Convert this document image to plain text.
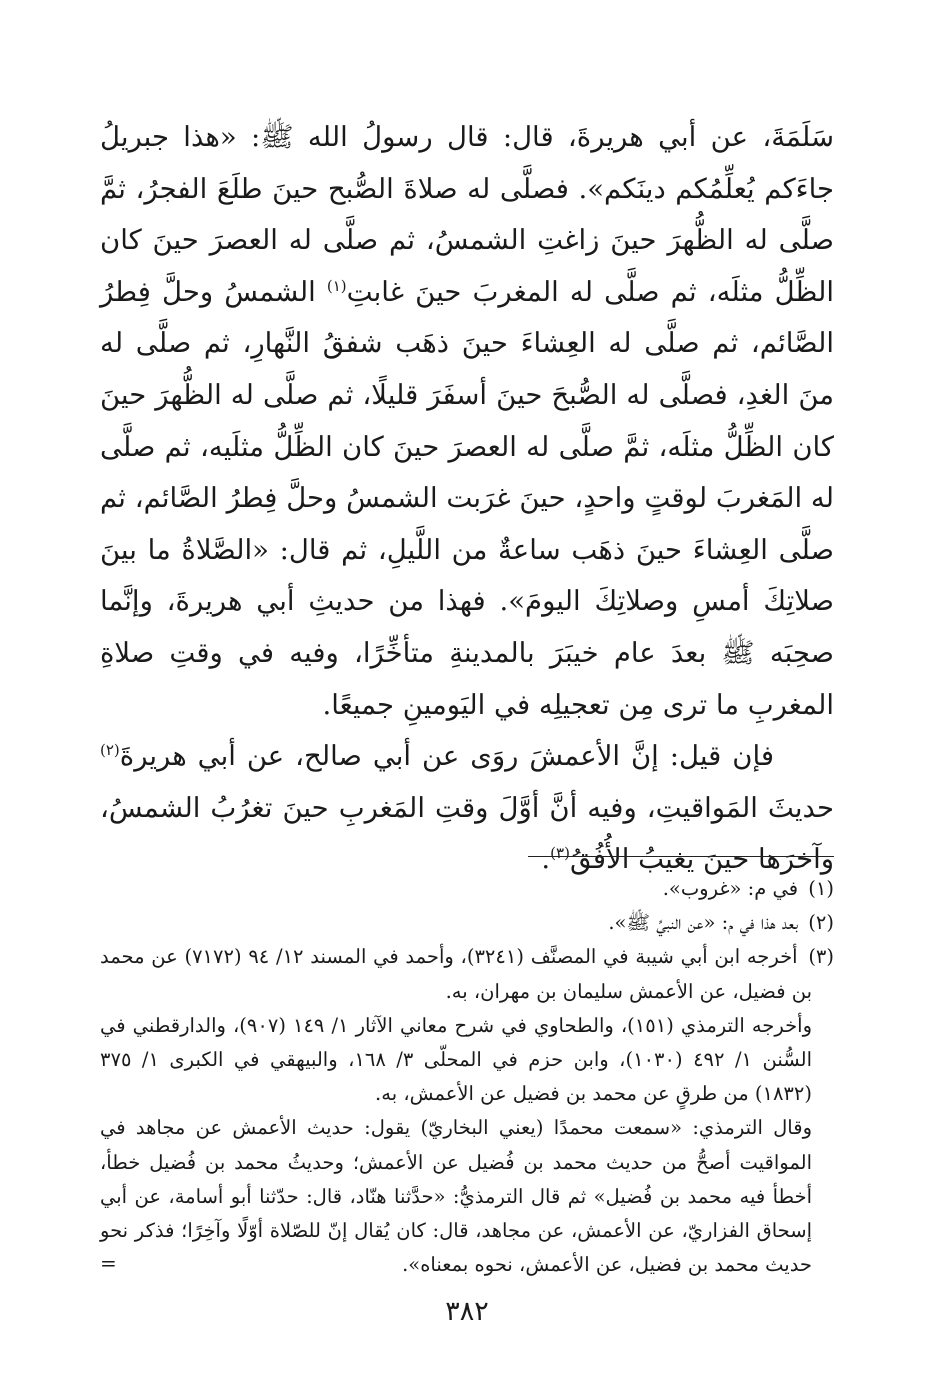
سَلَمَةَ، عن أبي هريرةَ، قال: قال رسولُ الله ﷺ: «هذا جبريلُ جاءَكم يُعلِّمُكم دينَكم». فصلَّى له صلاةَ الصُّبح حينَ طلَعَ الفجرُ، ثمَّ صلَّى له الظُّهرَ حينَ زاغتِ الشمسُ، ثم صلَّى له العصرَ حينَ كان الظِّلُّ مثلَه، ثم صلَّى له المغربَ حينَ غابتِ$^{(١)}$ الشمسُ وحلَّ فِطرُ الصَّائم، ثم صلَّى له العِشاءَ حينَ ذهَب شفقُ النَّهارِ، ثم صلَّى له منَ الغدِ، فصلَّى له الصُّبحَ حينَ أسفَرَ قليلًا، ثم صلَّى له الظُّهرَ حينَ كان الظِّلُّ مثلَه، ثمَّ صلَّى له العصرَ حينَ كان الظِّلُّ مثلَيه، ثم صلَّى له المَغربَ لوقتٍ واحدٍ، حينَ غرَبت الشمسُ وحلَّ فِطرُ الصَّائم، ثم صلَّى العِشاءَ حينَ ذهَب ساعةٌ من اللَّيلِ، ثم قال: «الصَّلاةُ ما بينَ صلاتِكَ أمسِ وصلاتِكَ اليومَ». فهذا من حديثِ أبي هريرةَ، وإنَّما صحِبَه ﷺ بعدَ عام خيبَرَ بالمدينةِ متأخِّرًا، وفيه في وقتِ صلاةِ المغربِ ما ترى مِن تعجيلِه في اليَومينِ جميعًا.

فإن قيل: إنَّ الأعمشَ روَى عن أبي صالح، عن أبي هريرةَ$^{(٢)}$ حديثَ المَواقيتِ، وفيه أنَّ أوَّلَ وقتِ المَغربِ حينَ تغرُبُ الشمسُ، وآخرَها حينَ يغيبُ الأُفُقُ$^{(٣)}$.

(١) في م: «غروب».

(٢) بعد هذا في م: «عن النبيِّ ﷺ».

(٣) أخرجه ابن أبي شيبة في المصنَّف (٣٢٤١)، وأحمد في المسند ١٢/ ٩٤ (٧١٧٢) عن محمد بن فضيل، عن الأعمش سليمان بن مهران، به.

وأخرجه الترمذي (١٥١)، والطحاوي في شرح معاني الآثار ١/ ١٤٩ (٩٠٧)، والدارقطني في السُّنن ١/ ٤٩٢ (١٠٣٠)، وابن حزم في المحلّى ٣/ ١٦٨، والبيهقي في الكبرى ١/ ٣٧٥ (١٨٣٢) من طرقٍ عن محمد بن فضيل عن الأعمش، به.

وقال الترمذي: «سمعت محمدًا (يعني البخاريّ) يقول: حديث الأعمش عن مجاهد في المواقيت أصحُّ من حديث محمد بن فُضيل عن الأعمش؛ وحديثُ محمد بن فُضيل خطأ، أخطأ فيه محمد بن فُضيل» ثم قال الترمذيُّ: «حدَّثنا هنّاد، قال: حدّثنا أبو أسامة، عن أبي إسحاق الفزاريّ، عن الأعمش، عن مجاهد، قال: كان يُقال إنّ للصّلاة أوّلًا وآخِرًا؛ فذكر نحو حديث محمد بن فضيل، عن الأعمش، نحوه بمعناه».

=
٣٨٢
